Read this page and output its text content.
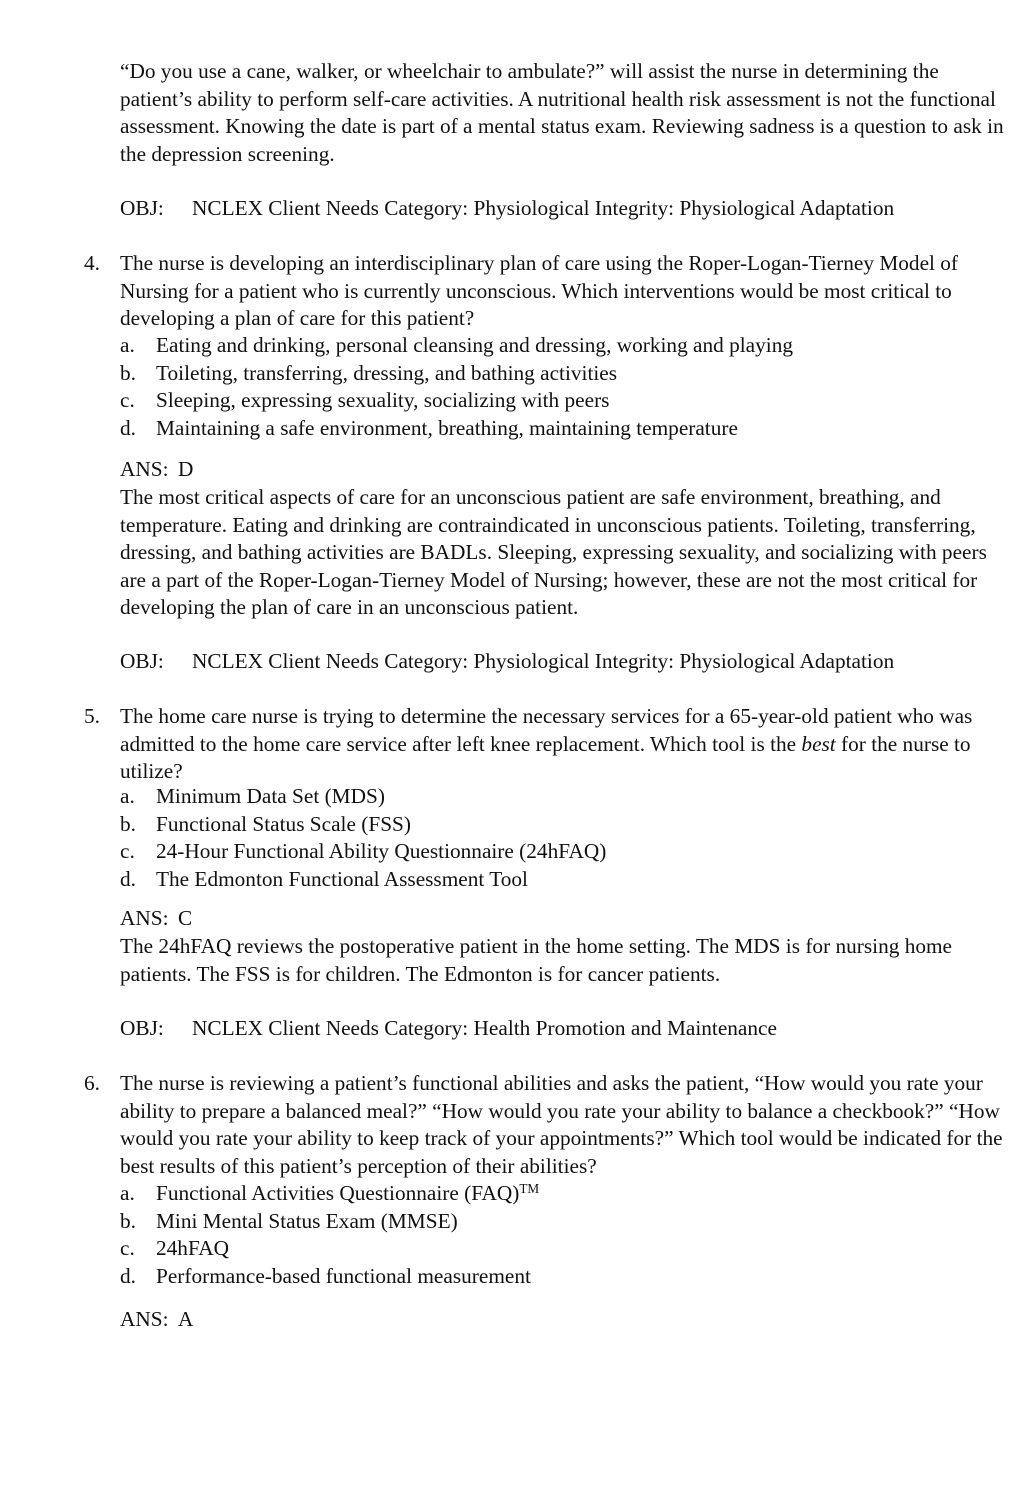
“Do you use a cane, walker, or wheelchair to ambulate?” will assist the nurse in determining the patient’s ability to perform self-care activities. A nutritional health risk assessment is not the functional assessment. Knowing the date is part of a mental status exam. Reviewing sadness is a question to ask in the depression screening.

OBJ: NCLEX Client Needs Category: Physiological Integrity: Physiological Adaptation
4. The nurse is developing an interdisciplinary plan of care using the Roper-Logan-Tierney Model of Nursing for a patient who is currently unconscious. Which interventions would be most critical to developing a plan of care for this patient?

a. Eating and drinking, personal cleansing and dressing, working and playing
b. Toileting, transferring, dressing, and bathing activities
c. Sleeping, expressing sexuality, socializing with peers
d. Maintaining a safe environment, breathing, maintaining temperature
ANS: D

The most critical aspects of care for an unconscious patient are safe environment, breathing, and temperature. Eating and drinking are contraindicated in unconscious patients. Toileting, transferring, dressing, and bathing activities are BADLs. Sleeping, expressing sexuality, and socializing with peers are a part of the Roper-Logan-Tierney Model of Nursing; however, these are not the most critical for developing the plan of care in an unconscious patient.

OBJ: NCLEX Client Needs Category: Physiological Integrity: Physiological Adaptation
5. The home care nurse is trying to determine the necessary services for a 65-year-old patient who was admitted to the home care service after left knee replacement. Which tool is the best for the nurse to utilize?

a. Minimum Data Set (MDS)
b. Functional Status Scale (FSS)
c. 24-Hour Functional Ability Questionnaire (24hFAQ)
d. The Edmonton Functional Assessment Tool
ANS: C

The 24hFAQ reviews the postoperative patient in the home setting. The MDS is for nursing home patients. The FSS is for children. The Edmonton is for cancer patients.

OBJ: NCLEX Client Needs Category: Health Promotion and Maintenance
6. The nurse is reviewing a patient’s functional abilities and asks the patient, “How would you rate your ability to prepare a balanced meal?” “How would you rate your ability to balance a checkbook?” “How would you rate your ability to keep track of your appointments?” Which tool would be indicated for the best results of this patient’s perception of their abilities?

a. Functional Activities Questionnaire (FAQ)™
b. Mini Mental Status Exam (MMSE)
c. 24hFAQ
d. Performance-based functional measurement
ANS: A
